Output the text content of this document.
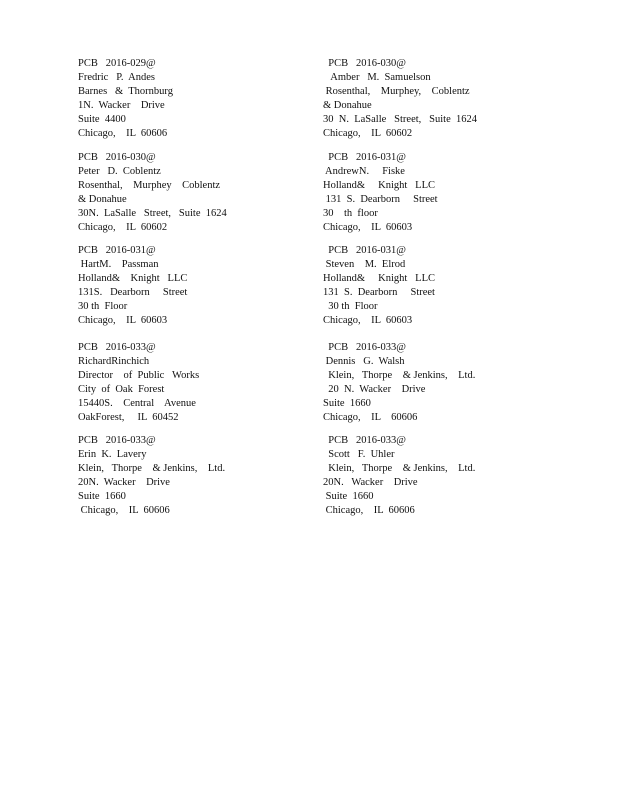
PCB   2016-029@
Fredric   P.  Andes
Barnes   &  Thornburg
1N.  Wacker    Drive
Suite  4400
Chicago,    IL  60606
PCB   2016-030@
Amber   M.  Samuelson
Rosenthal,    Murphey,    Coblentz
& Donahue
30  N.  LaSalle   Street,   Suite  1624
Chicago,    IL  60602
PCB   2016-030@
Peter   D.  Coblentz
Rosenthal,    Murphey    Coblentz
& Donahue
30N.  LaSalle   Street,   Suite  1624
Chicago,    IL  60602
PCB   2016-031@
AndrewN.     Fiske
Holland&     Knight   LLC
131  S.  Dearborn     Street
30    th  floor
Chicago,    IL  60603
PCB   2016-031@
HartM.    Passman
Holland&    Knight   LLC
131S.   Dearborn     Street
30 th  Floor
Chicago,    IL  60603
PCB   2016-031@
Steven    M.  Elrod
Holland&     Knight   LLC
131  S.  Dearborn     Street
30 th  Floor
Chicago,    IL  60603
PCB   2016-033@
RichardRinchich
Director    of  Public   Works
City  of  Oak  Forest
15440S.    Central    Avenue
OakForest,     IL  60452
PCB   2016-033@
Dennis   G.  Walsh
Klein,   Thorpe    & Jenkins,    Ltd.
20  N.  Wacker    Drive
Suite  1660
Chicago,    IL    60606
PCB   2016-033@
Erin  K.  Lavery
Klein,   Thorpe    & Jenkins,    Ltd.
20N.  Wacker    Drive
Suite  1660
Chicago,    IL  60606
PCB   2016-033@
Scott   F.  Uhler
Klein,   Thorpe    & Jenkins,    Ltd.
20N.   Wacker    Drive
Suite  1660
Chicago,    IL  60606
